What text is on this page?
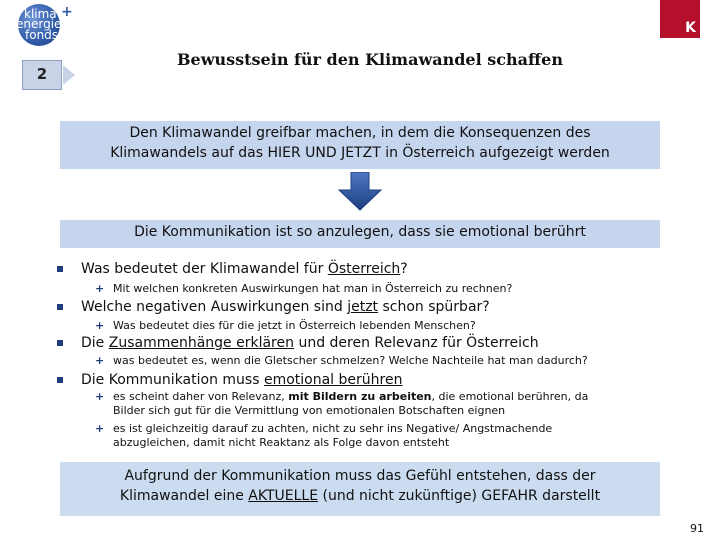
klima
energie
fonds
+
2
K
Bewusstsein für den Klimawandel schaffen
Den Klimawandel greifbar machen, in dem die Konsequenzen des
Klimawandels auf das HIER UND JETZT in Österreich aufgezeigt werden
Die Kommunikation ist so anzulegen, dass sie emotional berührt
Was bedeutet der Klimawandel für Österreich?
+ Mit welchen konkreten Auswirkungen hat man in Österreich zu rechnen?
Welche negativen Auswirkungen sind jetzt schon spürbar?
+ Was bedeutet dies für die jetzt in Österreich lebenden Menschen?
Die Zusammenhänge erklären und deren Relevanz für Österreich
+ was bedeutet es, wenn die Gletscher schmelzen? Welche Nachteile hat man dadurch?
Die Kommunikation muss emotional berühren
+ es scheint daher von Relevanz, mit Bildern zu arbeiten, die emotional berühren, da
Bilder sich gut für die Vermittlung von emotionalen Botschaften eignen
+ es ist gleichzeitig darauf zu achten, nicht zu sehr ins Negative/ Angstmachende
abzugleichen, damit nicht Reaktanz als Folge davon entsteht
Aufgrund der Kommunikation muss das Gefühl entstehen, dass der
Klimawandel eine AKTUELLE (und nicht zukünftige) GEFAHR darstellt
91
